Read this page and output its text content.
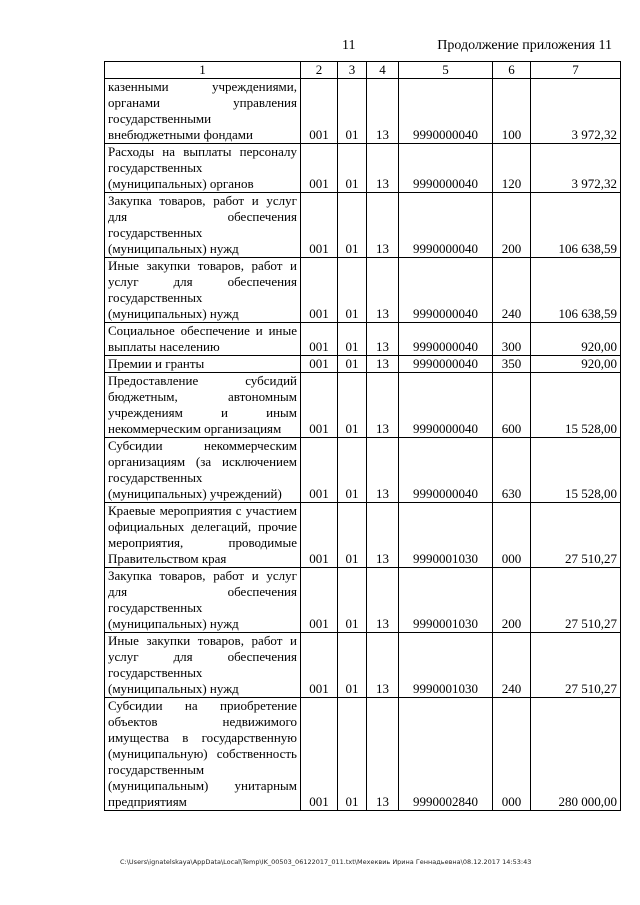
11	Продолжение приложения 11
1	2	3	4	5	6	7
казенными учреждениями, органами управления государственными внебюджетными фондами	001	01	13	9990000040	100	3 972,32
Расходы на выплаты персоналу государственных (муниципальных) органов	001	01	13	9990000040	120	3 972,32
Закупка товаров, работ и услуг для обеспечения государственных (муниципальных) нужд	001	01	13	9990000040	200	106 638,59
Иные закупки товаров, работ и услуг для обеспечения государственных (муниципальных) нужд	001	01	13	9990000040	240	106 638,59
Социальное обеспечение и иные выплаты населению	001	01	13	9990000040	300	920,00
Премии и гранты	001	01	13	9990000040	350	920,00
Предоставление субсидий бюджетным, автономным учреждениям и иным некоммерческим организациям	001	01	13	9990000040	600	15 528,00
Субсидии некоммерческим организациям (за исключением государственных (муниципальных) учреждений)	001	01	13	9990000040	630	15 528,00
Краевые мероприятия с участием официальных делегаций, прочие мероприятия, проводимые Правительством края	001	01	13	9990001030	000	27 510,27
Закупка товаров, работ и услуг для обеспечения государственных (муниципальных) нужд	001	01	13	9990001030	200	27 510,27
Иные закупки товаров, работ и услуг для обеспечения государственных (муниципальных) нужд	001	01	13	9990001030	240	27 510,27
Субсидии на приобретение объектов недвижимого имущества в государственную (муниципальную) собственность государственным (муниципальным) унитарным предприятиям	001	01	13	9990002840	000	280 000,00
C:\Users\ignatelskaya\AppData\Local\Temp\IK_00503_06122017_011.txt\Мехеквиь Ирина Геннадьевна\08.12.2017 14:53:43
